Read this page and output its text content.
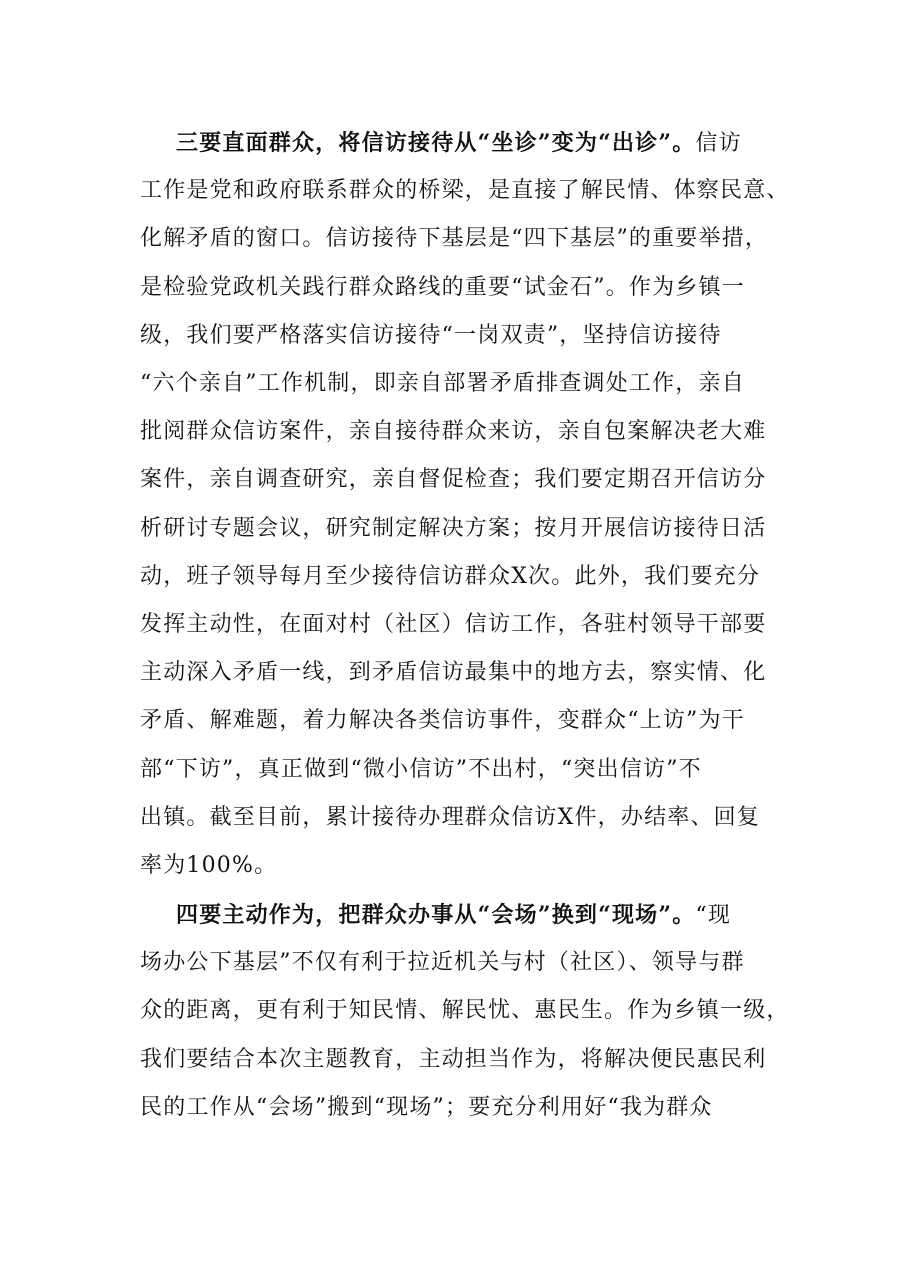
三要直面群众，将信访接待从“坐诊”变为“出诊”。信访
工作是党和政府联系群众的桥梁，是直接了解民情、体察民意、
化解矛盾的窗口。信访接待下基层是“四下基层”的重要举措，
是检验党政机关践行群众路线的重要“试金石”。作为乡镇一
级，我们要严格落实信访接待“一岗双责”，坚持信访接待
“六个亲自”工作机制，即亲自部署矛盾排查调处工作，亲自
批阅群众信访案件，亲自接待群众来访，亲自包案解决老大难
案件，亲自调查研究，亲自督促检查；我们要定期召开信访分
析研讨专题会议，研究制定解决方案；按月开展信访接待日活
动，班子领导每月至少接待信访群众X次。此外，我们要充分
发挥主动性，在面对村（社区）信访工作，各驻村领导干部要
主动深入矛盾一线，到矛盾信访最集中的地方去，察实情、化
矛盾、解难题，着力解决各类信访事件，变群众“上访”为干
部“下访”，真正做到“微小信访”不出村，“突出信访”不
出镇。截至目前，累计接待办理群众信访X件，办结率、回复
率为100%。
四要主动作为，把群众办事从“会场”换到“现场”。“现
场办公下基层”不仅有利于拉近机关与村（社区）、领导与群
众的距离，更有利于知民情、解民忧、惠民生。作为乡镇一级，
我们要结合本次主题教育，主动担当作为，将解决便民惠民利
民的工作从“会场”搬到“现场”；要充分利用好“我为群众
